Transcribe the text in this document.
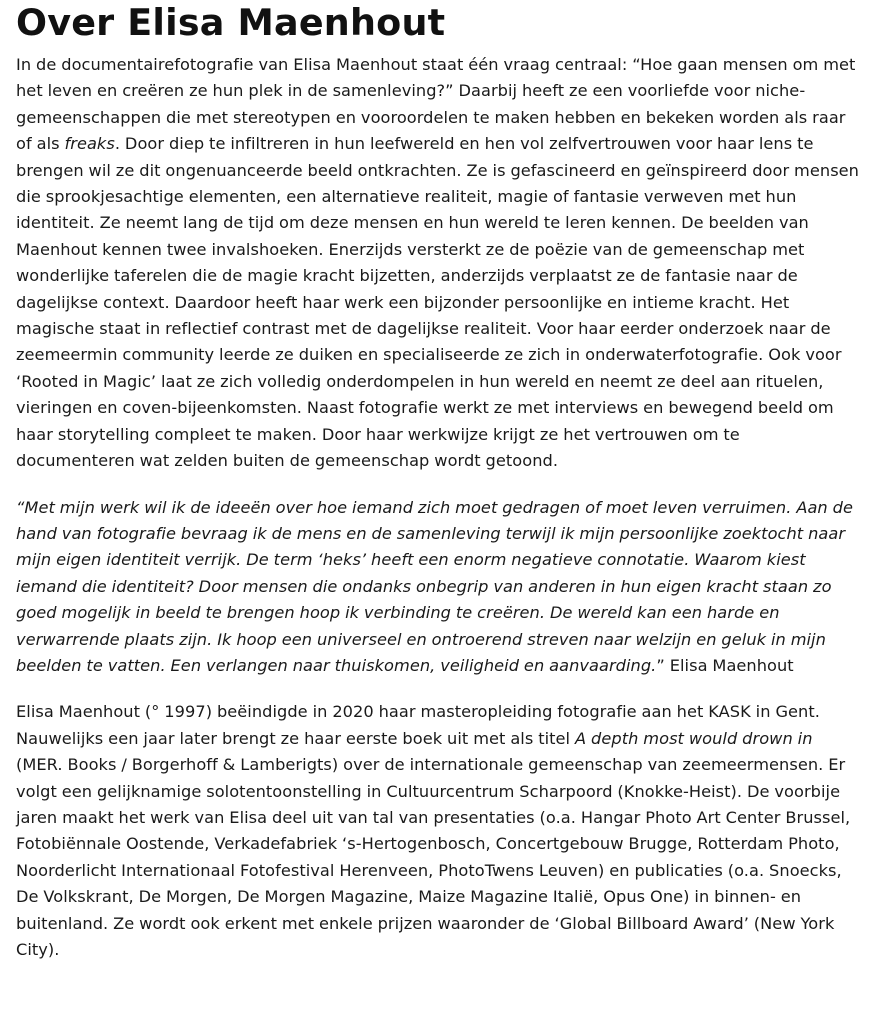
Over Elisa Maenhout

In de documentairefotografie van Elisa Maenhout staat één vraag centraal: “Hoe gaan mensen om met het leven en creëren ze hun plek in de samenleving?” Daarbij heeft ze een voorliefde voor niche-gemeenschappen die met stereotypen en vooroordelen te maken hebben en bekeken worden als raar of als freaks. Door diep te infiltreren in hun leefwereld en hen vol zelfvertrouwen voor haar lens te brengen wil ze dit ongenuanceerde beeld ontkrachten. Ze is gefascineerd en geïnspireerd door mensen die sprookjesachtige elementen, een alternatieve realiteit, magie of fantasie verweven met hun identiteit. Ze neemt lang de tijd om deze mensen en hun wereld te leren kennen. De beelden van Maenhout kennen twee invalshoeken. Enerzijds versterkt ze de poëzie van de gemeenschap met wonderlijke taferelen die de magie kracht bijzetten, anderzijds verplaatst ze de fantasie naar de dagelijkse context. Daardoor heeft haar werk een bijzonder persoonlijke en intieme kracht. Het magische staat in reflectief contrast met de dagelijkse realiteit. Voor haar eerder onderzoek naar de zeemeermin community leerde ze duiken en specialiseerde ze zich in onderwaterfotografie. Ook voor ‘Rooted in Magic’ laat ze zich volledig onderdompelen in hun wereld en neemt ze deel aan rituelen, vieringen en coven-bijeenkomsten. Naast fotografie werkt ze met interviews en bewegend beeld om haar storytelling compleet te maken. Door haar werkwijze krijgt ze het vertrouwen om te documenteren wat zelden buiten de gemeenschap wordt getoond.

“Met mijn werk wil ik de ideeën over hoe iemand zich moet gedragen of moet leven verruimen. Aan de hand van fotografie bevraag ik de mens en de samenleving terwijl ik mijn persoonlijke zoektocht naar mijn eigen identiteit verrijk. De term ‘heks’ heeft een enorm negatieve connotatie. Waarom kiest iemand die identiteit? Door mensen die ondanks onbegrip van anderen in hun eigen kracht staan zo goed mogelijk in beeld te brengen hoop ik verbinding te creëren. De wereld kan een harde en verwarrende plaats zijn. Ik hoop een universeel en ontroerend streven naar welzijn en geluk in mijn beelden te vatten. Een verlangen naar thuiskomen, veiligheid en aanvaarding.” Elisa Maenhout

Elisa Maenhout (° 1997) beëindigde in 2020 haar masteropleiding fotografie aan het KASK in Gent. Nauwelijks een jaar later brengt ze haar eerste boek uit met als titel A depth most would drown in (MER. Books / Borgerhoff & Lamberigts) over de internationale gemeenschap van zeemeermensen. Er volgt een gelijknamige solotentoonstelling in Cultuurcentrum Scharpoord (Knokke-Heist). De voorbije jaren maakt het werk van Elisa deel uit van tal van presentaties (o.a. Hangar Photo Art Center Brussel, Fotobiënnale Oostende, Verkadefabriek ‘s-Hertogenbosch, Concertgebouw Brugge, Rotterdam Photo, Noorderlicht Internationaal Fotofestival Herenveen, PhotoTwens Leuven) en publicaties (o.a. Snoecks, De Volkskrant, De Morgen, De Morgen Magazine, Maize Magazine Italië, Opus One) in binnen- en buitenland. Ze wordt ook erkent met enkele prijzen waaronder de ‘Global Billboard Award’ (New York City).
